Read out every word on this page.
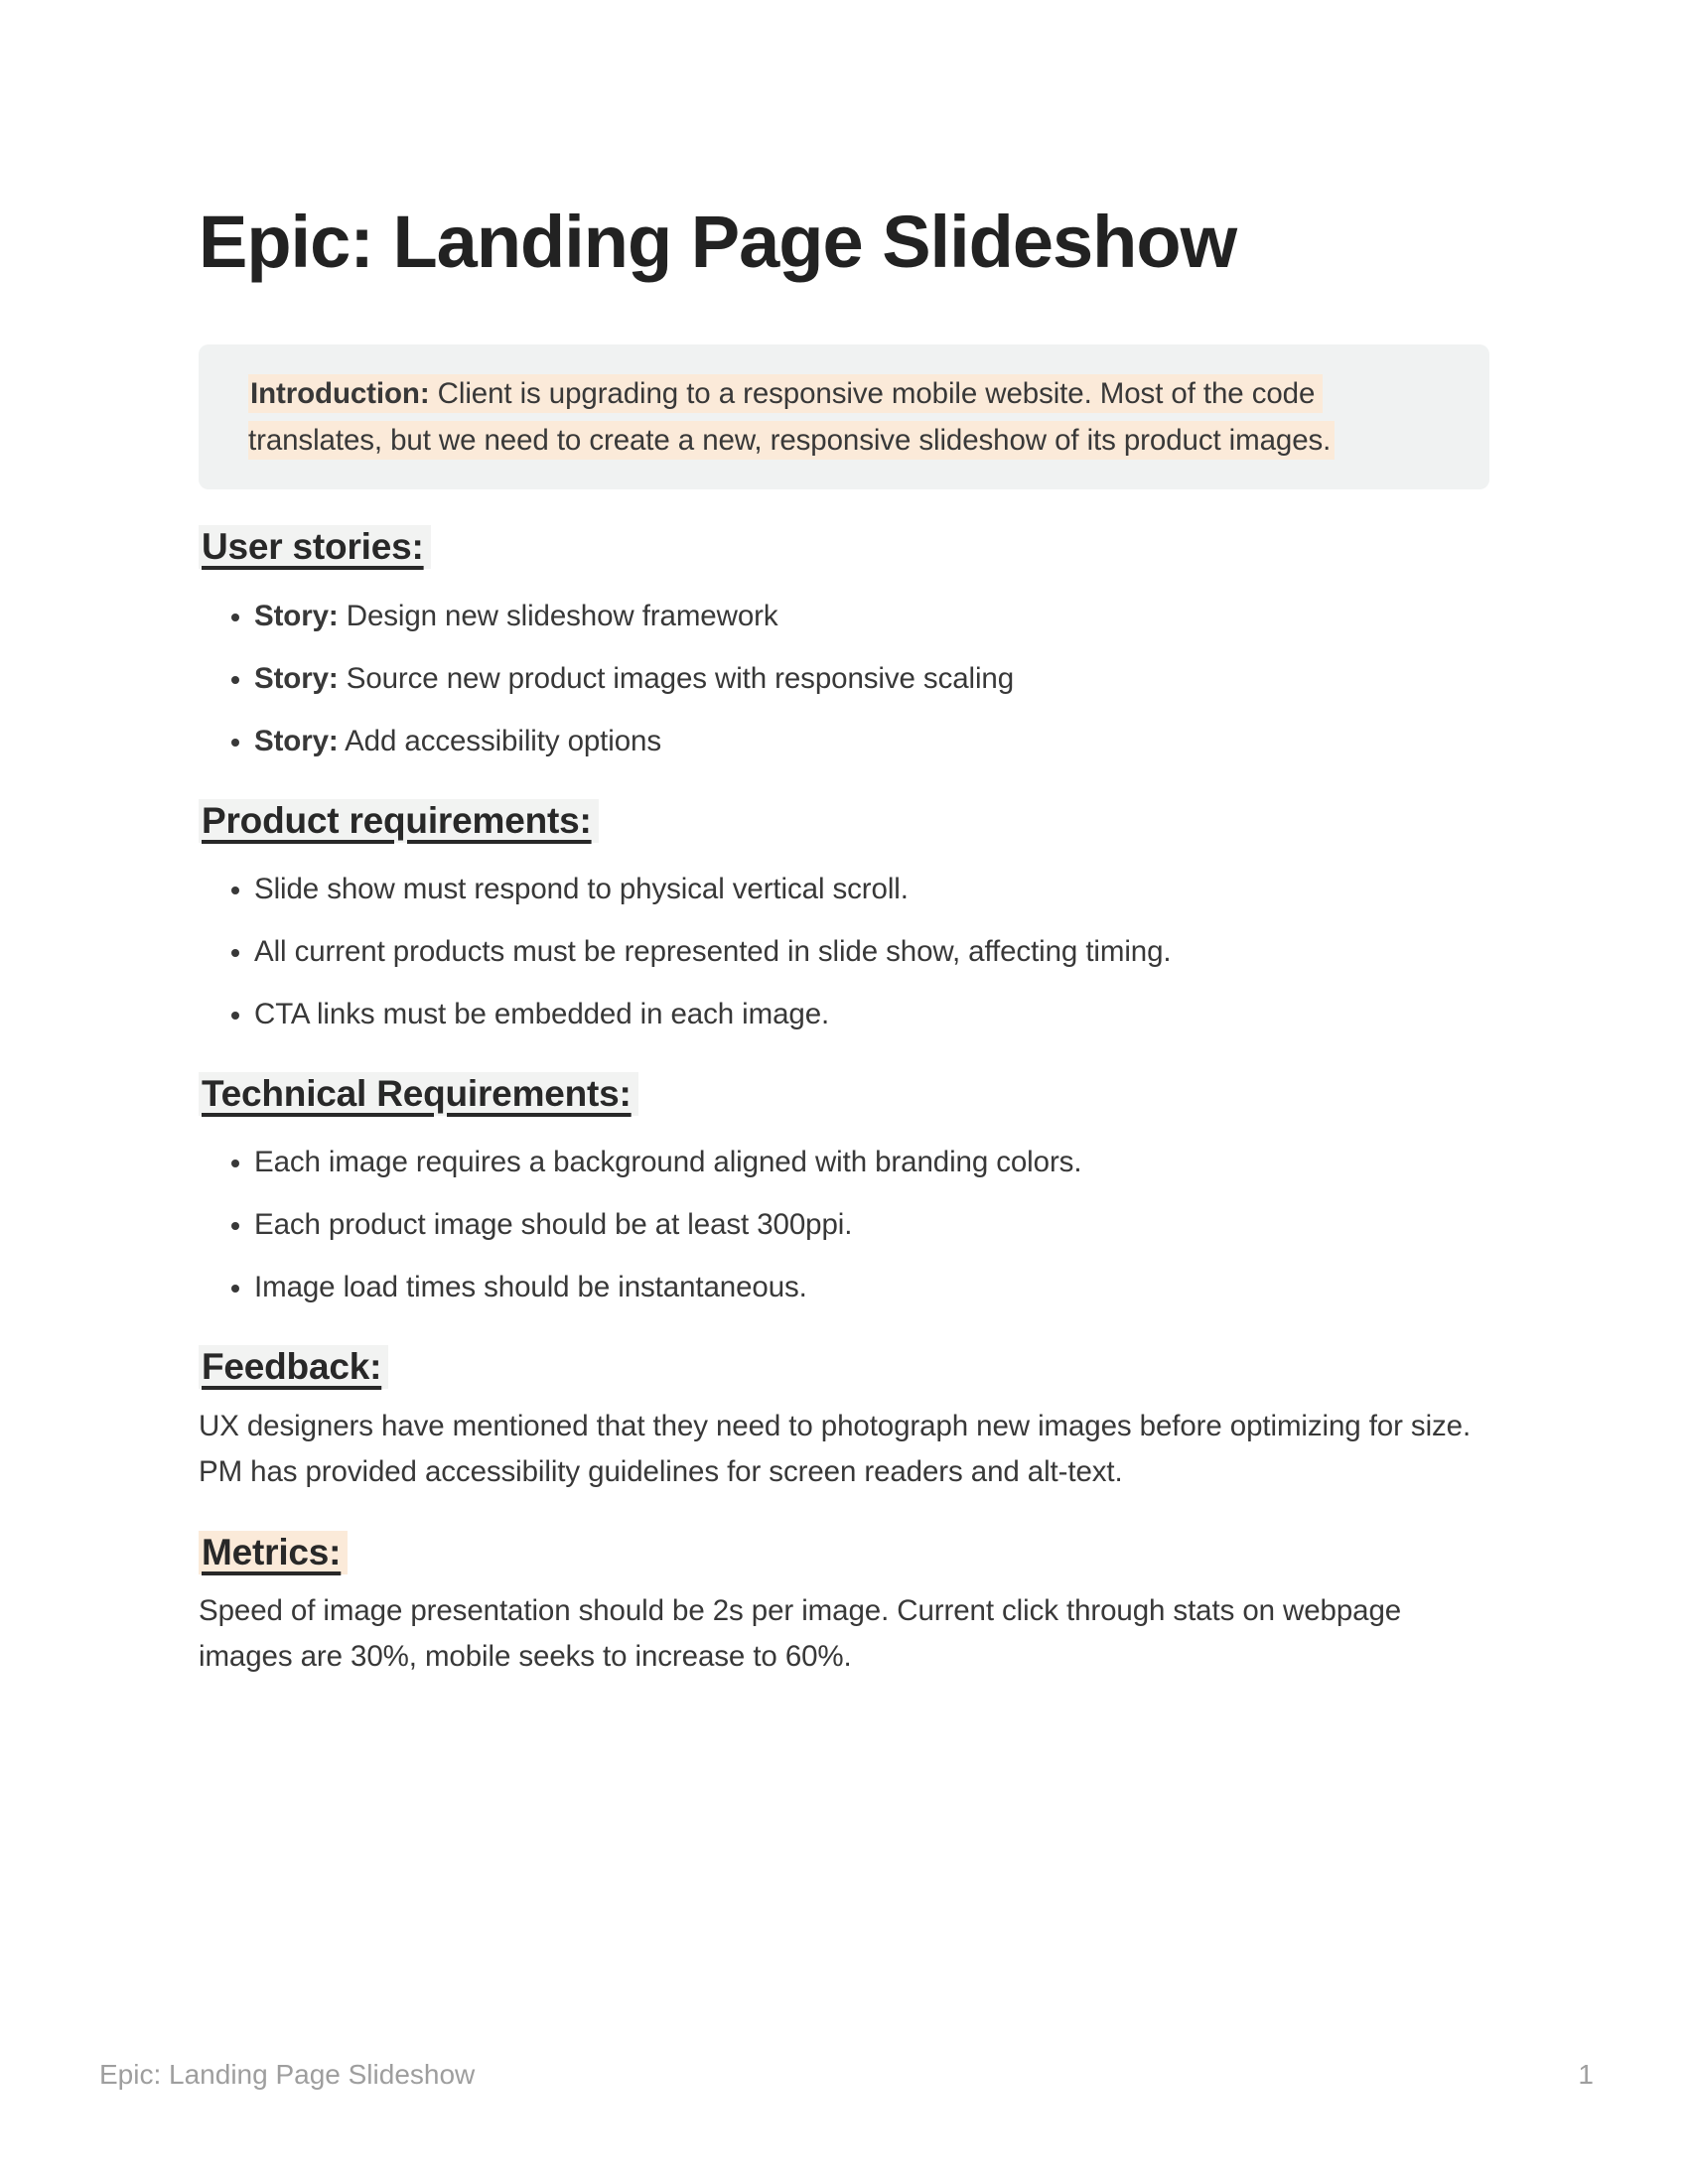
Epic: Landing Page Slideshow

Introduction: Client is upgrading to a responsive mobile website. Most of the code translates, but we need to create a new, responsive slideshow of its product images.

User stories:
• Story: Design new slideshow framework
• Story: Source new product images with responsive scaling
• Story: Add accessibility options
Product requirements:
• Slide show must respond to physical vertical scroll.
• All current products must be represented in slide show, affecting timing.
• CTA links must be embedded in each image.
Technical Requirements:
• Each image requires a background aligned with branding colors.
• Each product image should be at least 300ppi.
• Image load times should be instantaneous.
Feedback:

UX designers have mentioned that they need to photograph new images before optimizing for size.  PM has provided accessibility guidelines for screen readers and alt-text.

Metrics:

Speed of image presentation should be 2s per image. Current click through stats on webpage images are 30%, mobile seeks to increase to 60%.

Epic: Landing Page Slideshow	1
